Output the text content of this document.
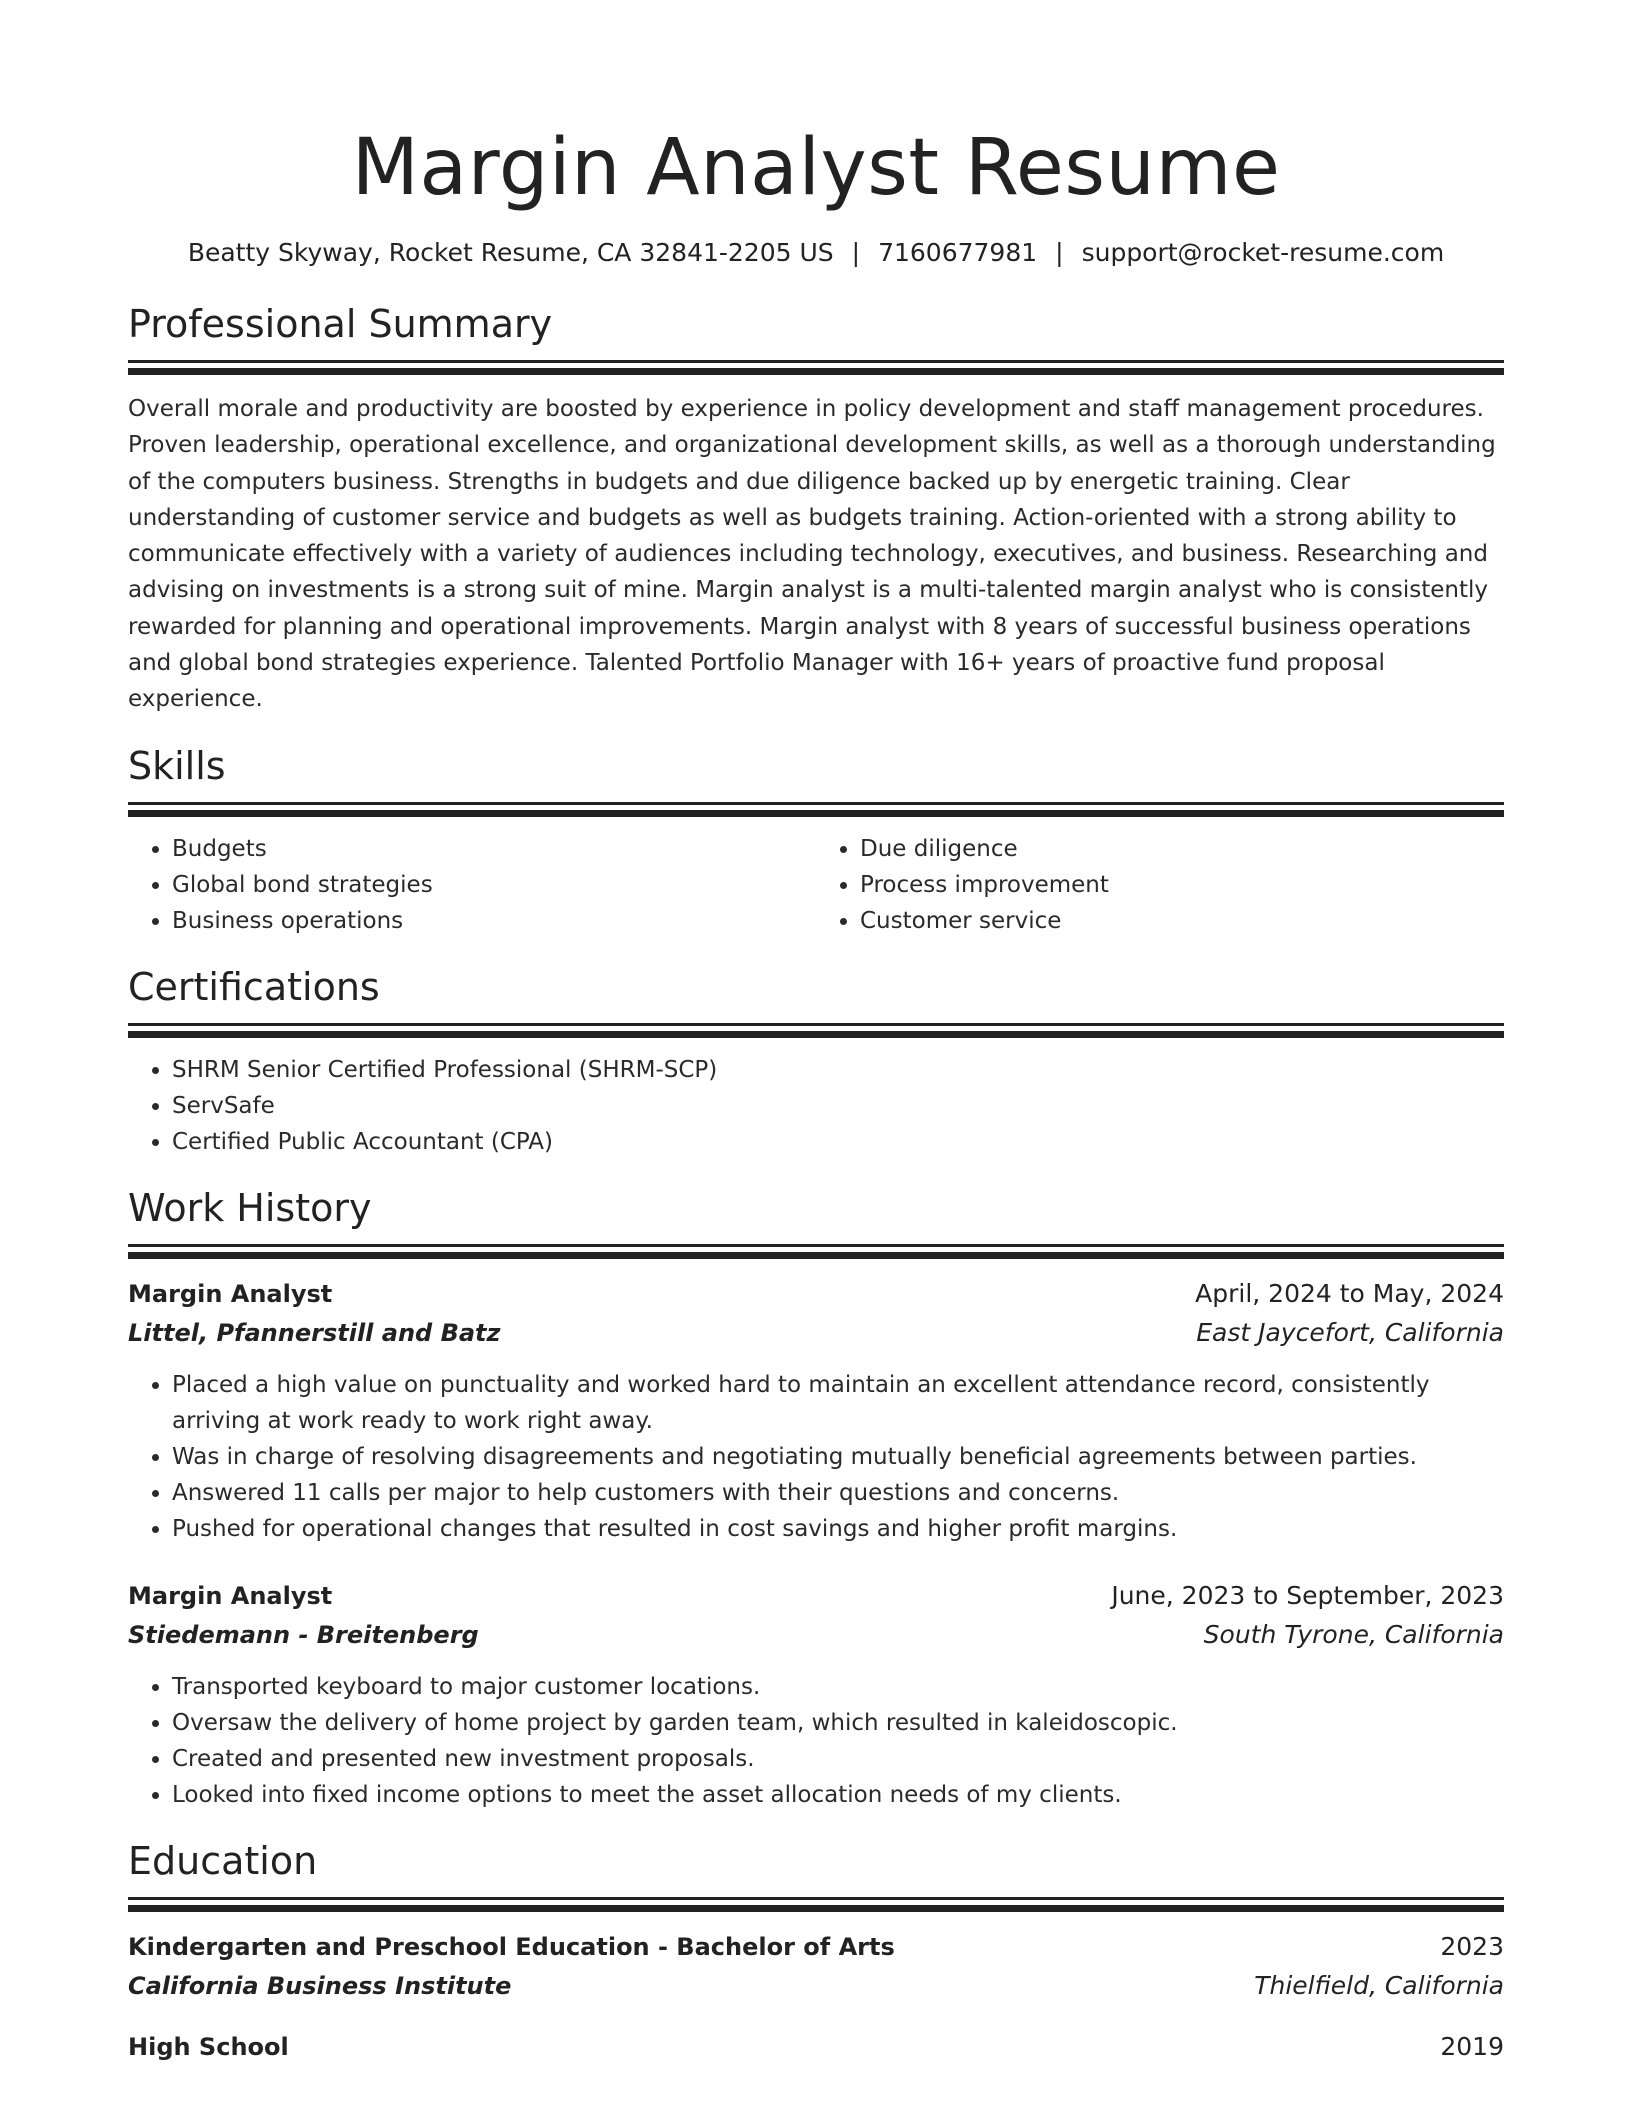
Margin Analyst Resume
Beatty Skyway, Rocket Resume, CA 32841-2205 US | 7160677981 | support@rocket-resume.com
Professional Summary
Overall morale and productivity are boosted by experience in policy development and staff management procedures. Proven leadership, operational excellence, and organizational development skills, as well as a thorough understanding of the computers business. Strengths in budgets and due diligence backed up by energetic training. Clear understanding of customer service and budgets as well as budgets training. Action-oriented with a strong ability to communicate effectively with a variety of audiences including technology, executives, and business. Researching and advising on investments is a strong suit of mine. Margin analyst is a multi-talented margin analyst who is consistently rewarded for planning and operational improvements. Margin analyst with 8 years of successful business operations and global bond strategies experience. Talented Portfolio Manager with 16+ years of proactive fund proposal experience.
Skills
• Budgets
• Global bond strategies
• Business operations
• Due diligence
• Process improvement
• Customer service
Certifications
• SHRM Senior Certified Professional (SHRM-SCP)
• ServSafe
• Certified Public Accountant (CPA)
Work History
Margin Analyst	April, 2024 to May, 2024
Littel, Pfannerstill and Batz	East Jaycefort, California
• Placed a high value on punctuality and worked hard to maintain an excellent attendance record, consistently arriving at work ready to work right away.
• Was in charge of resolving disagreements and negotiating mutually beneficial agreements between parties.
• Answered 11 calls per major to help customers with their questions and concerns.
• Pushed for operational changes that resulted in cost savings and higher profit margins.
Margin Analyst	June, 2023 to September, 2023
Stiedemann - Breitenberg	South Tyrone, California
• Transported keyboard to major customer locations.
• Oversaw the delivery of home project by garden team, which resulted in kaleidoscopic.
• Created and presented new investment proposals.
• Looked into fixed income options to meet the asset allocation needs of my clients.
Education
Kindergarten and Preschool Education - Bachelor of Arts	2023
California Business Institute	Thielfield, California
High School	2019
